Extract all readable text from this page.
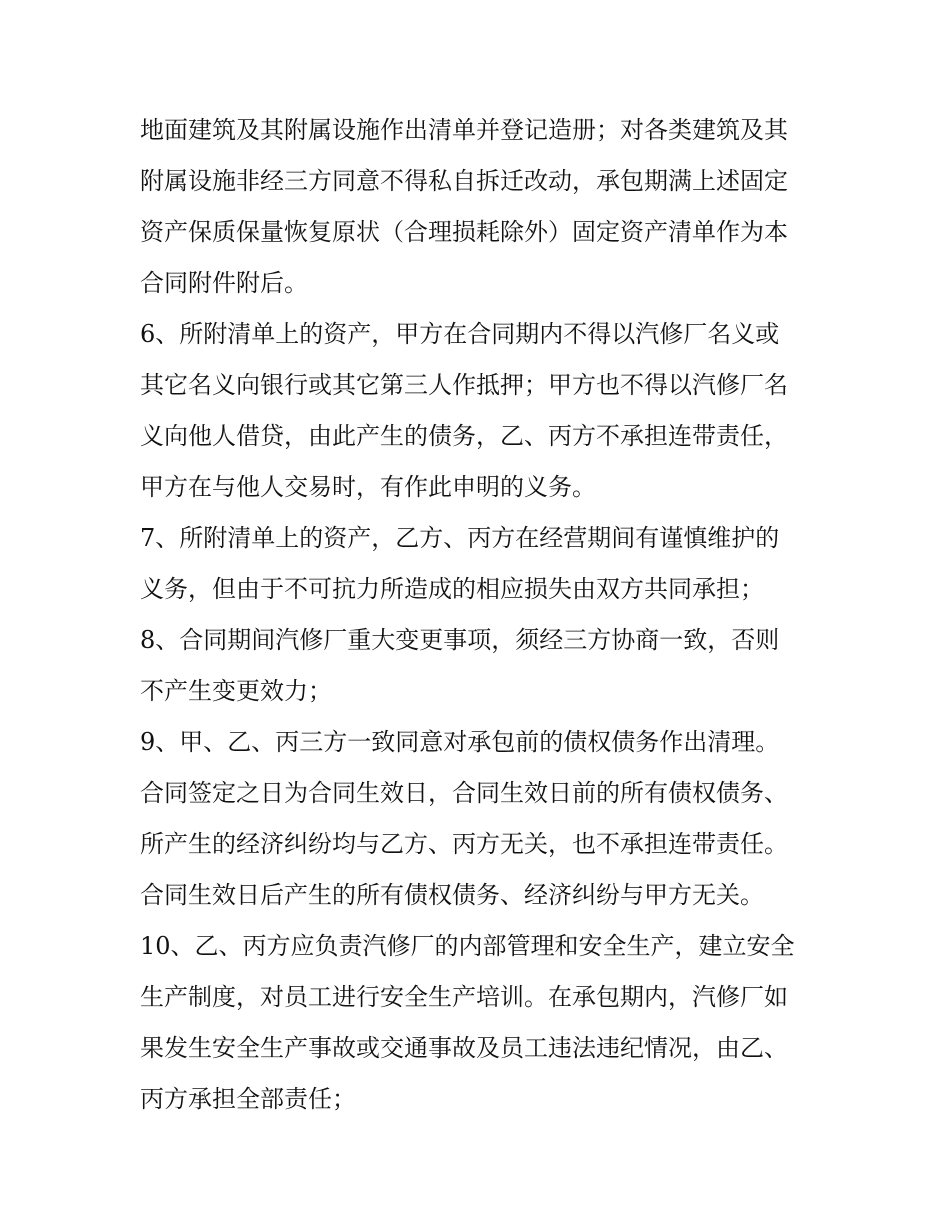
地面建筑及其附属设施作出清单并登记造册；对各类建筑及其
附属设施非经三方同意不得私自拆迁改动，承包期满上述固定
资产保质保量恢复原状（合理损耗除外）固定资产清单作为本
合同附件附后。
6、所附清单上的资产，甲方在合同期内不得以汽修厂名义或
其它名义向银行或其它第三人作抵押；甲方也不得以汽修厂名
义向他人借贷，由此产生的债务，乙、丙方不承担连带责任，
甲方在与他人交易时，有作此申明的义务。
7、所附清单上的资产，乙方、丙方在经营期间有谨慎维护的
义务，但由于不可抗力所造成的相应损失由双方共同承担；
8、合同期间汽修厂重大变更事项，须经三方协商一致，否则
不产生变更效力；
9、甲、乙、丙三方一致同意对承包前的债权债务作出清理。
合同签定之日为合同生效日，合同生效日前的所有债权债务、
所产生的经济纠纷均与乙方、丙方无关，也不承担连带责任。
合同生效日后产生的所有债权债务、经济纠纷与甲方无关。
10、乙、丙方应负责汽修厂的内部管理和安全生产，建立安全
生产制度，对员工进行安全生产培训。在承包期内，汽修厂如
果发生安全生产事故或交通事故及员工违法违纪情况，由乙、
丙方承担全部责任；
